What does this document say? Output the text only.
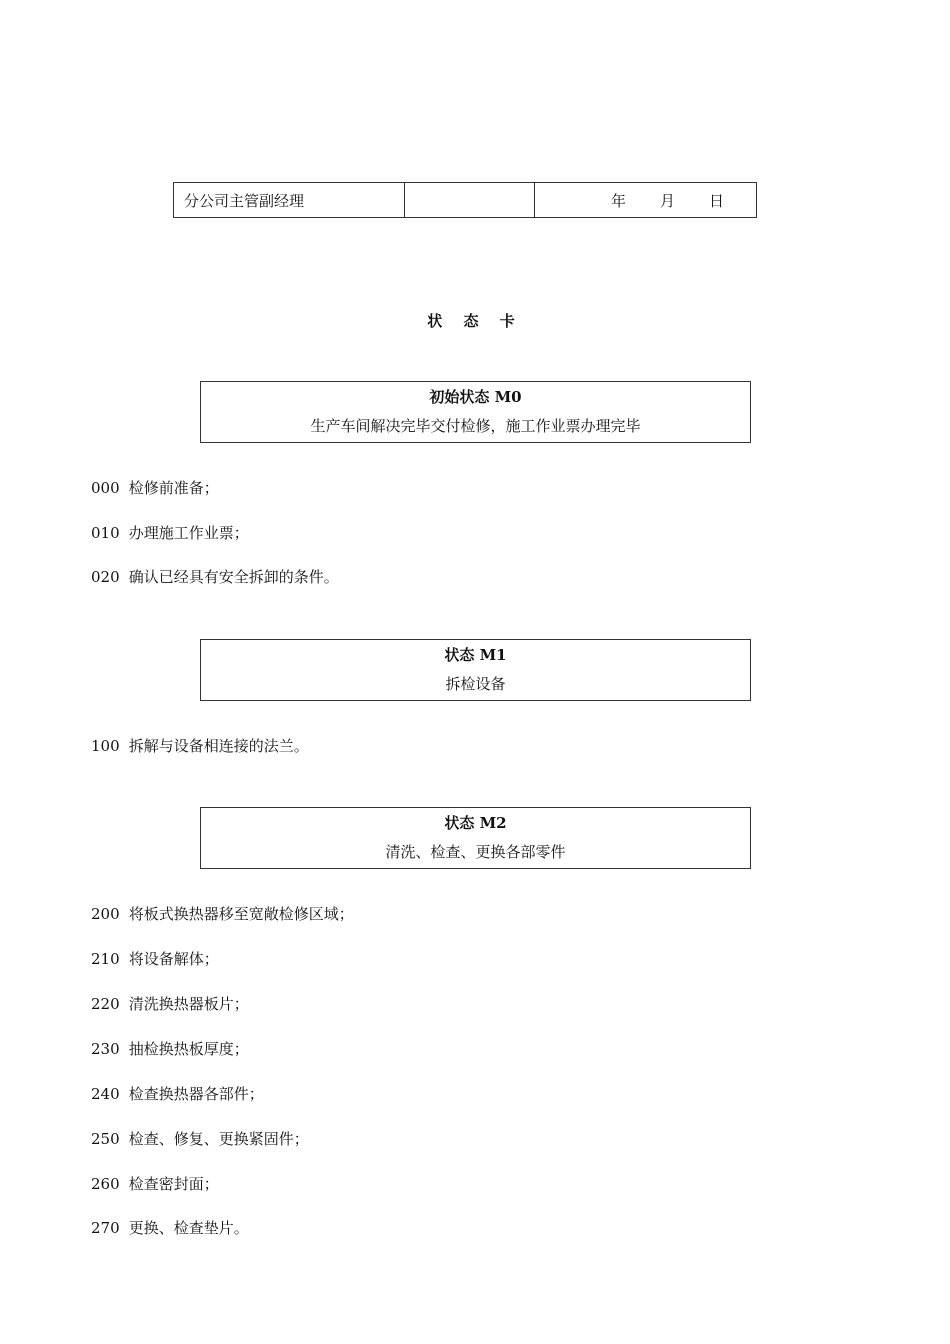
分公司主管副经理		年 月 日
状 态 卡
初始状态 M0
生产车间解决完毕交付检修，施工作业票办理完毕
000 检修前准备；
010 办理施工作业票；
020 确认已经具有安全拆卸的条件。
状态 M1
拆检设备
100 拆解与设备相连接的法兰。
状态 M2
清洗、检查、更换各部零件
200 将板式换热器移至宽敞检修区域；
210 将设备解体；
220 清洗换热器板片；
230 抽检换热板厚度；
240 检查换热器各部件；
250 检查、修复、更换紧固件；
260 检查密封面；
270 更换、检查垫片。
